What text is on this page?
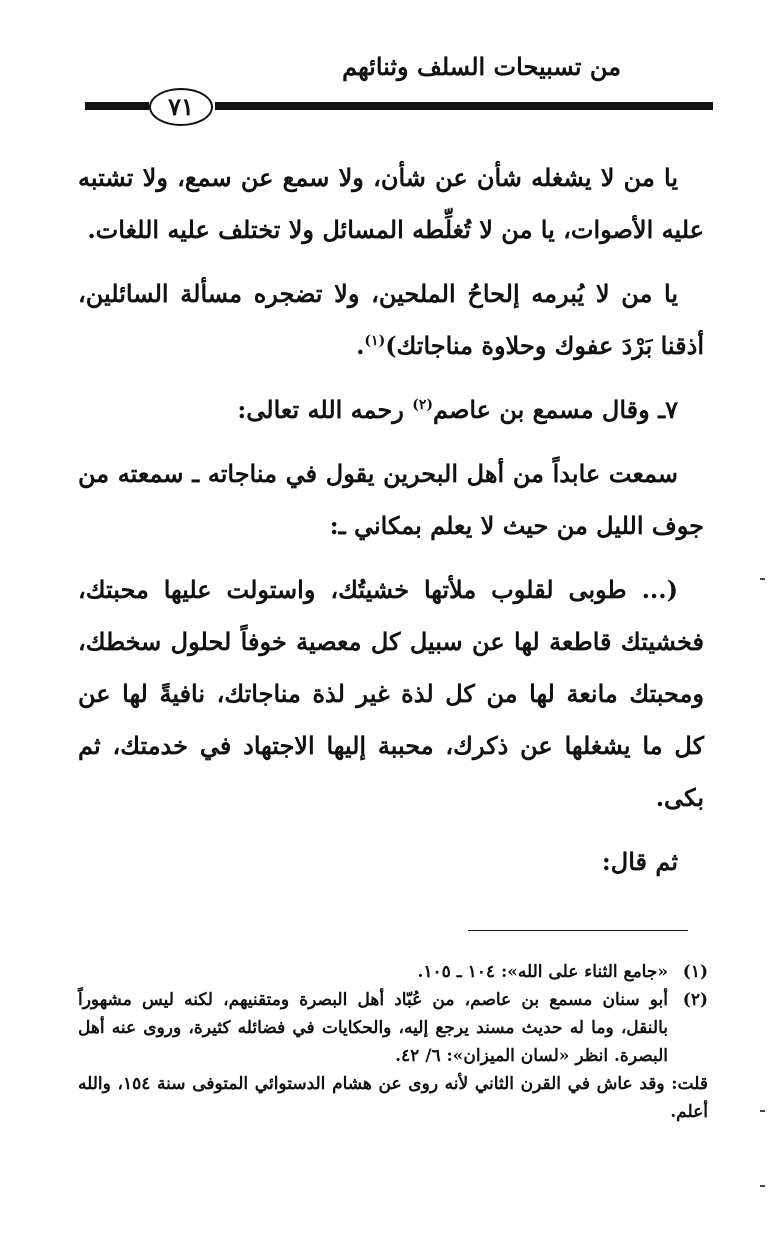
من تسبيحات السلف وثنائهم
٧١

يا من لا يشغله شأن عن شأن، ولا سمع عن سمع، ولا تشتبه عليه الأصوات، يا من لا تُغلِّطه المسائل ولا تختلف عليه اللغات.

يا من لا يُبرمه إلحاحُ الملحين، ولا تضجره مسألة السائلين، أذقنا بَرْدَ عفوك وحلاوة مناجاتك)$^{(١)}$.

٧ـ وقال مسمع بن عاصم$^{(٢)}$ رحمه الله تعالى:

سمعت عابداً من أهل البحرين يقول في مناجاته ـ سمعته من جوف الليل من حيث لا يعلم بمكاني ـ:

(... طوبى لقلوب ملأتها خشيتُك، واستولت عليها محبتك، فخشيتك قاطعة لها عن سبيل كل معصية خوفاً لحلول سخطك، ومحبتك مانعة لها من كل لذة غير لذة مناجاتك، نافيةً لها عن كل ما يشغلها عن ذكرك، محببة إليها الاجتهاد في خدمتك، ثم بكى.

ثم قال:

(١)
«جامع الثناء على الله»: ١٠٤ ـ ١٠٥.

(٢)
أبو سنان مسمع بن عاصم، من عُبّاد أهل البصرة ومتقنيهم، لكنه ليس مشهوراً بالنقل، وما له حديث مسند يرجع إليه، والحكايات في فضائله كثيرة، وروى عنه أهل البصرة. انظر «لسان الميزان»: ٦/ ٤٢.

قلت: وقد عاش في القرن الثاني لأنه روى عن هشام الدستوائي المتوفى سنة ١٥٤، والله أعلم.
